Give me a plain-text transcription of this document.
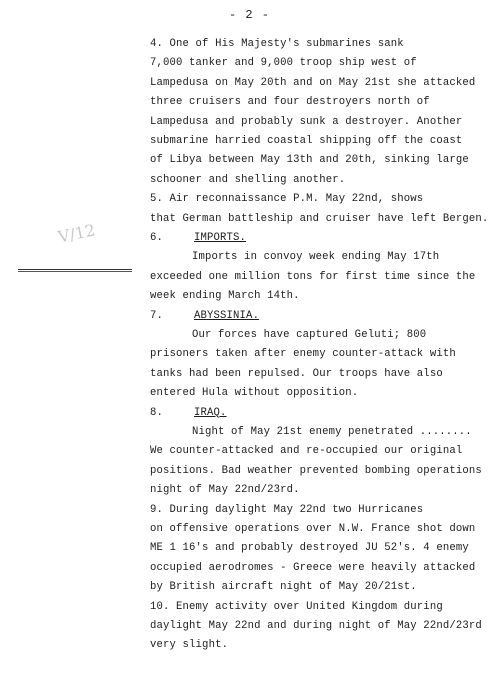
- 2 -
V/12
4. One of His Majesty's submarines sank
7,000 tanker and 9,000 troop ship west of
Lampedusa on May 20th and on May 21st she attacked
three cruisers and four destroyers north of
Lampedusa and probably sunk a destroyer. Another
submarine harried coastal shipping off the coast
of Libya between May 13th and 20th, sinking large
schooner and shelling another.
5. Air reconnaissance P.M. May 22nd, shows
that German battleship and cruiser have left Bergen.
6.	IMPORTS.
Imports in convoy week ending May 17th
exceeded one million tons for first time since the
week ending March 14th.
7.	ABYSSINIA.
Our forces have captured Geluti; 800
prisoners taken after enemy counter-attack with
tanks had been repulsed. Our troops have also
entered Hula without opposition.
8.	IRAQ.
Night of May 21st enemy penetrated ........
We counter-attacked and re-occupied our original
positions. Bad weather prevented bombing operations
night of May 22nd/23rd.
9. During daylight May 22nd two Hurricanes
on offensive operations over N.W. France shot down
ME 1 16's and probably destroyed JU 52's. 4 enemy
occupied aerodromes - Greece were heavily attacked
by British aircraft night of May 20/21st.
10. Enemy activity over United Kingdom during
daylight May 22nd and during night of May 22nd/23rd
very slight.
